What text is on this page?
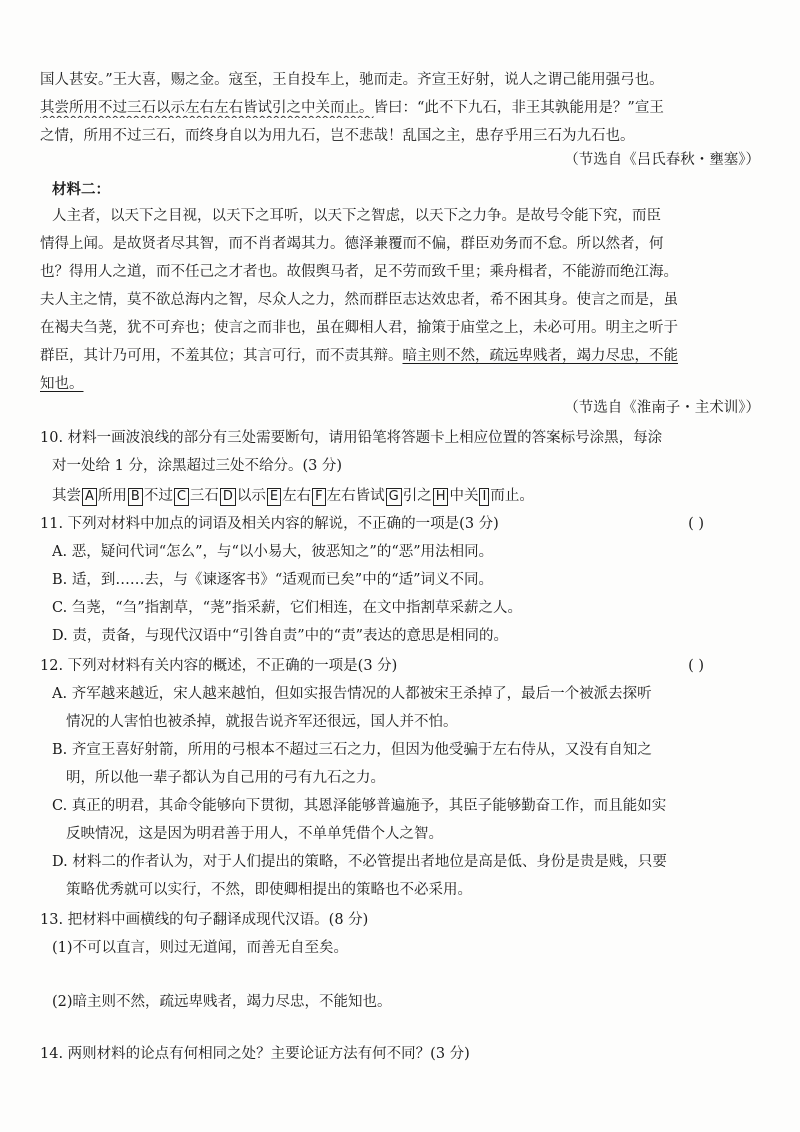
国人甚安。”王大喜，赐之金。寇至，王自投车上，驰而走。齐宣王好射，说人之谓己能用强弓也。
其尝所用不过三石以示左右左右皆试引之中关而止。皆曰：“此不下九石，非王其孰能用是？”宣王
之情，所用不过三石，而终身自以为用九石，岂不悲哉！乱国之主，患存乎用三石为九石也。
（节选自《吕氏春秋・壅塞》）
材料二：
人主者，以天下之目视，以天下之耳听，以天下之智虑，以天下之力争。是故号令能下究，而臣
情得上闻。是故贤者尽其智，而不肖者竭其力。德泽兼覆而不偏，群臣劝务而不怠。所以然者，何
也？得用人之道，而不任己之才者也。故假舆马者，足不劳而致千里；乘舟楫者，不能游而绝江海。
夫人主之情，莫不欲总海内之智，尽众人之力，然而群臣志达效忠者，希不困其身。使言之而是，虽
在褐夫刍荛，犹不可弃也；使言之而非也，虽在卿相人君，揄策于庙堂之上，未必可用。明主之听于
群臣，其计乃可用，不羞其位；其言可行，而不责其辩。暗主则不然，疏远卑贱者，竭力尽忠，不能
知也。
（节选自《淮南子・主术训》）
10. 材料一画波浪线的部分有三处需要断句，请用铅笔将答题卡上相应位置的答案标号涂黑，每涂
对一处给 1 分，涂黑超过三处不给分。(3 分)
其尝 A 所用 B 不过 C 三石 D 以示 E 左右 F 左右皆试 G 引之 H 中关 I 而止。
11. 下列对材料中加点的词语及相关内容的解说，不正确的一项是(3 分)	( )
A. 恶，疑问代词“怎么”，与“以小易大，彼恶知之”的“恶”用法相同。
B. 适，到……去，与《谏逐客书》“适观而已矣”中的“适”词义不同。
C. 刍荛，“刍”指割草，“荛”指采薪，它们相连，在文中指割草采薪之人。
D. 责，责备，与现代汉语中“引咎自责”中的“责”表达的意思是相同的。
12. 下列对材料有关内容的概述，不正确的一项是(3 分)	( )
A. 齐军越来越近，宋人越来越怕，但如实报告情况的人都被宋王杀掉了，最后一个被派去探听
情况的人害怕也被杀掉，就报告说齐军还很远，国人并不怕。
B. 齐宣王喜好射箭，所用的弓根本不超过三石之力，但因为他受骗于左右侍从，又没有自知之
明，所以他一辈子都认为自己用的弓有九石之力。
C. 真正的明君，其命令能够向下贯彻，其恩泽能够普遍施予，其臣子能够勤奋工作，而且能如实
反映情况，这是因为明君善于用人，不单单凭借个人之智。
D. 材料二的作者认为，对于人们提出的策略，不必管提出者地位是高是低、身份是贵是贱，只要
策略优秀就可以实行，不然，即使卿相提出的策略也不必采用。
13. 把材料中画横线的句子翻译成现代汉语。(8 分)
(1)不可以直言，则过无道闻，而善无自至矣。
(2)暗主则不然，疏远卑贱者，竭力尽忠，不能知也。
14. 两则材料的论点有何相同之处？主要论证方法有何不同？(3 分)
